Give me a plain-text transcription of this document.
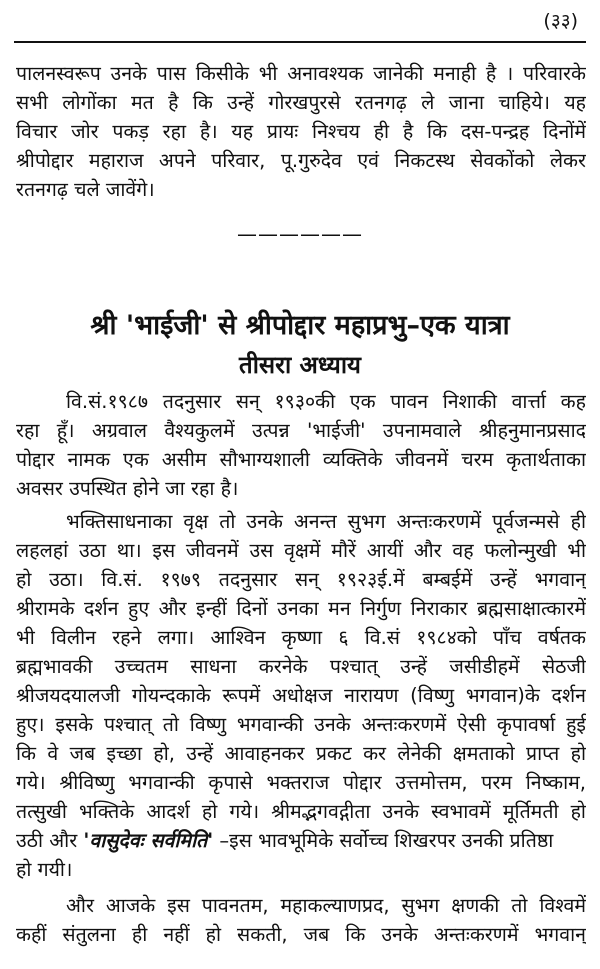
(३३)
पालनस्वरूप उनके पास किसीके भी अनावश्यक जानेकी मनाही है । परिवारके
सभी लोगोंका मत है कि उन्हें गोरखपुरसे रतनगढ़ ले जाना चाहिये। यह
विचार जोर पकड़ रहा है। यह प्रायः निश्चय ही है कि दस-पन्द्रह दिनोंमें
श्रीपोद्दार महाराज अपने परिवार, पू.गुरुदेव एवं निकटस्थ सेवकोंको लेकर
रतनगढ़ चले जावेंगे।
——————
श्री 'भाईजी' से श्रीपोद्दार महाप्रभु–एक यात्रा
तीसरा अध्याय
वि.सं.१९८७ तदनुसार सन् १९३०की एक पावन निशाकी वार्त्ता कह
रहा हूँ। अग्रवाल वैश्यकुलमें उत्पन्न 'भाईजी' उपनामवाले श्रीहनुमानप्रसाद
पोद्दार नामक एक असीम सौभाग्यशाली व्यक्तिके जीवनमें चरम कृतार्थताका
अवसर उपस्थित होने जा रहा है।
भक्तिसाधनाका वृक्ष तो उनके अनन्त सुभग अन्तःकरणमें पूर्वजन्मसे ही
लहलहां उठा था। इस जीवनमें उस वृक्षमें मौरें आयीं और वह फलोन्मुखी भी
हो उठा। वि.सं. १९७९ तदनुसार सन् १९२३ई.में बम्बईमें उन्हें भगवान्
श्रीरामके दर्शन हुए और इन्हीं दिनों उनका मन निर्गुण निराकार ब्रह्मसाक्षात्कारमें
भी विलीन रहने लगा। आश्विन कृष्णा ६ वि.सं १९८४को पाँच वर्षतक
ब्रह्मभावकी उच्चतम साधना करनेके पश्चात् उन्हें जसीडीहमें सेठजी
श्रीजयदयालजी गोयन्दकाके रूपमें अधोक्षज नारायण (विष्णु भगवान)के दर्शन
हुए। इसके पश्चात् तो विष्णु भगवान्की उनके अन्तःकरणमें ऐसी कृपावर्षा हुई
कि वे जब इच्छा हो, उन्हें आवाहनकर प्रकट कर लेनेकी क्षमताको प्राप्त हो
गये। श्रीविष्णु भगवान्की कृपासे भक्तराज पोद्दार उत्तमोत्तम, परम निष्काम,
तत्सुखी भक्तिके आदर्श हो गये। श्रीमद्भगवद्गीता उनके स्वभावमें मूर्तिमती हो
उठी और 'वासुदेवः सर्वमिति' –इस भावभूमिके सर्वोच्च शिखरपर उनकी प्रतिष्ठा
हो गयी।
और आजके इस पावनतम, महाकल्याणप्रद, सुभग क्षणकी तो विश्वमें
कहीं संतुलना ही नहीं हो सकती, जब कि उनके अन्तःकरणमें भगवान्
